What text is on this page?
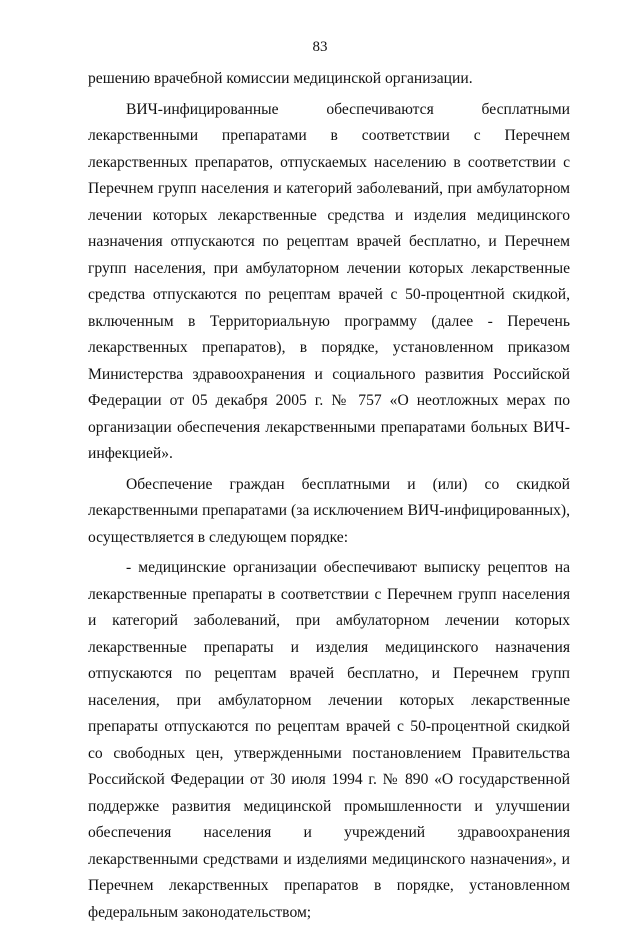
83

решению врачебной комиссии медицинской организации.

ВИЧ-инфицированные обеспечиваются бесплатными лекарственными препаратами в соответствии с Перечнем лекарственных препаратов, отпускаемых населению в соответствии с Перечнем групп населения и категорий заболеваний, при амбулаторном лечении которых лекарственные средства и изделия медицинского назначения отпускаются по рецептам врачей бесплатно, и Перечнем групп населения, при амбулаторном лечении которых лекарственные средства отпускаются по рецептам врачей с 50-процентной скидкой, включенным в Территориальную программу (далее - Перечень лекарственных препаратов), в порядке, установленном приказом Министерства здравоохранения и социального развития Российской Федерации от 05 декабря 2005 г. № 757 «О неотложных мерах по организации обеспечения лекарственными препаратами больных ВИЧ-инфекцией».

Обеспечение граждан бесплатными и (или) со скидкой лекарственными препаратами (за исключением ВИЧ-инфицированных), осуществляется в следующем порядке:

- медицинские организации обеспечивают выписку рецептов на лекарственные препараты в соответствии с Перечнем групп населения и категорий заболеваний, при амбулаторном лечении которых лекарственные препараты и изделия медицинского назначения отпускаются по рецептам врачей бесплатно, и Перечнем групп населения, при амбулаторном лечении которых лекарственные препараты отпускаются по рецептам врачей с 50-процентной скидкой со свободных цен, утвержденными постановлением Правительства Российской Федерации от 30 июля 1994 г. № 890 «О государственной поддержке развития медицинской промышленности и улучшении обеспечения населения и учреждений здравоохранения лекарственными средствами и изделиями медицинского назначения», и Перечнем лекарственных препаратов в порядке, установленном федеральным законодательством;
